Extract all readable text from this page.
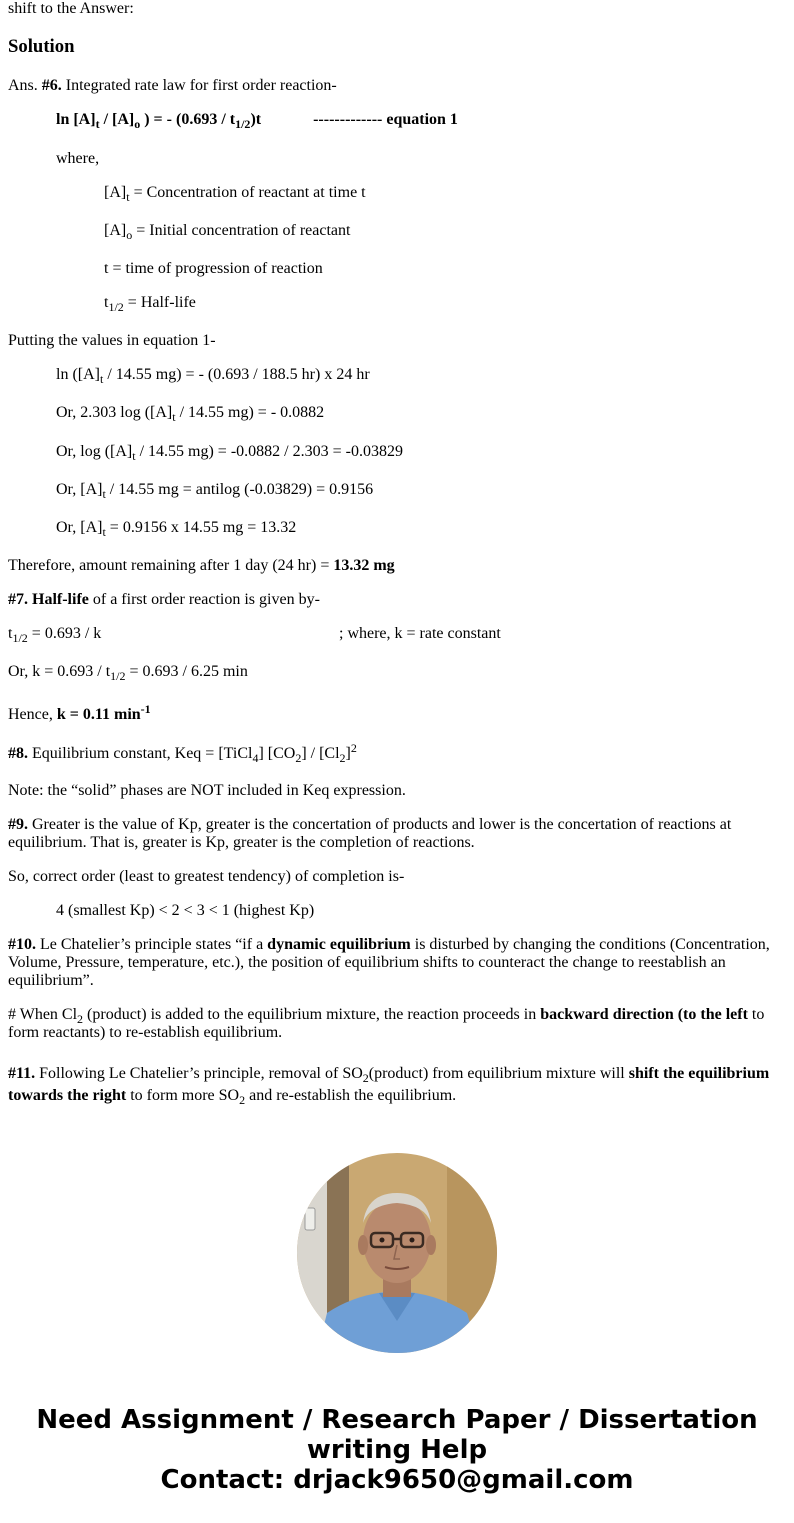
shift to the Answer:
Solution
Ans. #6. Integrated rate law for first order reaction-
$\ln [A]_t / [A]_o$ ) = - $(0.693 / t_{1/2})t$	------------- equation 1
where,
$[A]_t$ = Concentration of reactant at time t
$[A]_o$ = Initial concentration of reactant
t = time of progression of reaction
$t_{1/2}$ = Half-life
Putting the values in equation 1-
$\ln ([A]_t / 14.55$ mg) = - (0.693 / 188.5 hr) x 24 hr
Or, 2.303 $\log ([A]_t / 14.55$ mg) = - 0.0882
Or, $\log ([A]_t / 14.55$ mg) = -0.0882 / 2.303 = -0.03829
Or, $[A]_t / 14.55$ mg = antilog (-0.03829) = 0.9156
Or, $[A]_t = 0.9156$ x 14.55 mg = 13.32
Therefore, amount remaining after 1 day (24 hr) = 13.32 mg
#7. Half-life of a first order reaction is given by-
$t_{1/2} = 0.693 / k$	; where, k = rate constant
Or, $k = 0.693 / t_{1/2} = 0.693 / 6.25$ min
Hence, k = 0.11 $\min^{-1}$
#8. Equilibrium constant, Keq = [TiCl$_4$] $[CO_2] / [Cl_2]^2$
Note: the “solid” phases are NOT included in Keq expression.
#9. Greater is the value of Kp, greater is the concertation of products and lower is the concertation of reactions at equilibrium. That is, greater is Kp, greater is the completion of reactions.
So, correct order (least to greatest tendency) of completion is-
4 (smallest Kp) < 2 < 3 < 1 (highest Kp)
#10. Le Chatelier’s principle states “if a dynamic equilibrium is disturbed by changing the conditions (Concentration, Volume, Pressure, temperature, etc.), the position of equilibrium shifts to counteract the change to reestablish an equilibrium”.
# When $Cl_2$ (product) is added to the equilibrium mixture, the reaction proceeds in backward direction (to the left to form reactants) to re-establish equilibrium.
#11. Following Le Chatelier’s principle, removal of $SO_2(product)$ from equilibrium mixture will shift the equilibrium towards the right to form more $SO_2$ and re-establish the equilibrium.
Need Assignment / Research Paper / Dissertation
writing Help
Contact: drjack9650@gmail.com
